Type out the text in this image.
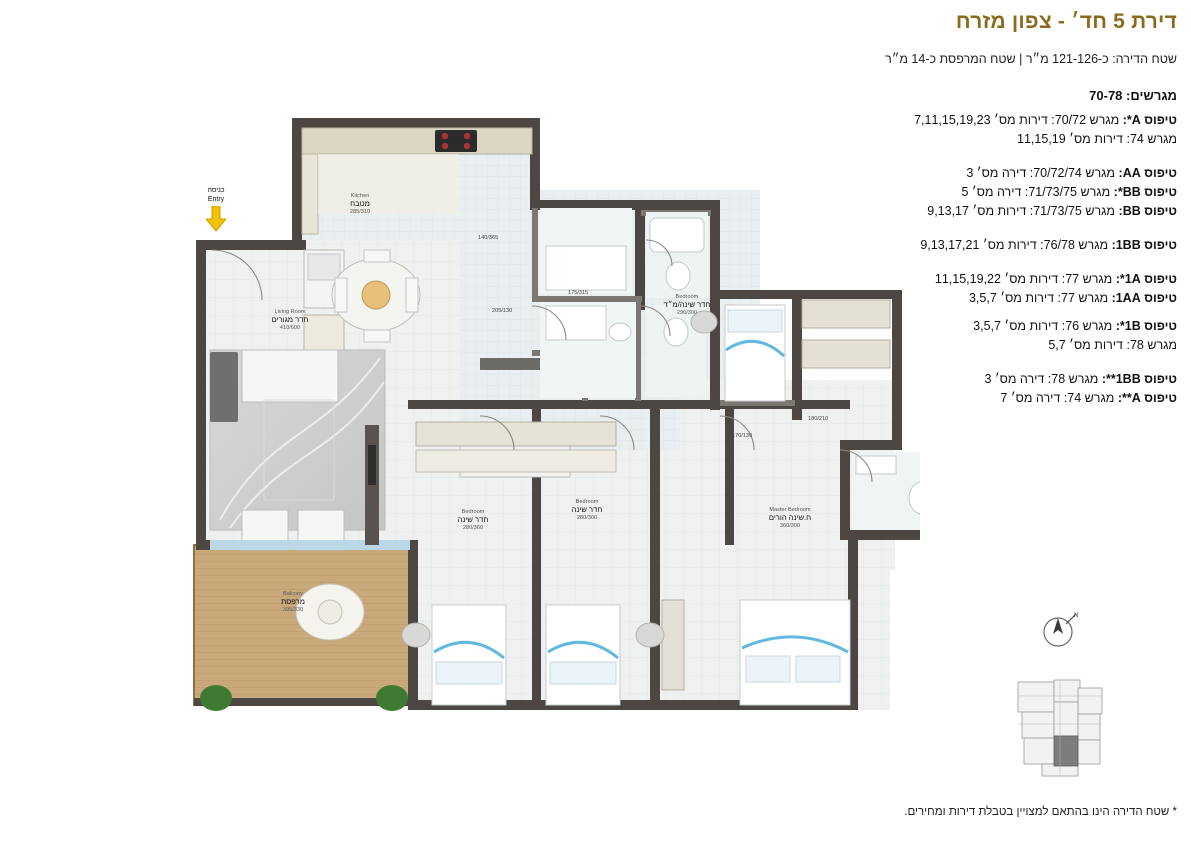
כניסה
Entry	Kitchen
מטבח
285/310
Living Room
חדר מגורים
410/600
Balcony
מרפסת
395/330
Bedroom
חדר שינה/מ״ד
290/300
Bedroom
חדר שינה
280/360
Bedroom
חדר שינה
280/360
Master Bedroom
ח.שינה הורים
360/300
140/365
205/130
175/315
170/130
180/210
דירת 5 חד׳ - צפון מזרח
שטח הדירה: כ-121-126 מ״ר | שטח המרפסת כ-14 מ״ר
מגרשים: 70-78
טיפוס A*: מגרש 70/72: דירות מס׳ 7,11,15,19,23
מגרש 74: דירות מס׳ 11,15,19
טיפוס AA: מגרש 70/72/74: דירה מס׳ 3
טיפוס BB*: מגרש 71/73/75: דירה מס׳ 5
טיפוס BB: מגרש 71/73/75: דירות מס׳ 9,13,17
טיפוס 1BB: מגרש 76/78: דירות מס׳ 9,13,17,21
טיפוס 1A*: מגרש 77: דירות מס׳ 11,15,19,22
טיפוס 1AA: מגרש 77: דירות מס׳ 3,5,7
טיפוס 1B*: מגרש 76: דירות מס׳ 3,5,7
מגרש 78: דירות מס׳ 5,7
טיפוס 1BB**: מגרש 78: דירה מס׳ 3
טיפוס A**: מגרש 74: דירה מס׳ 7
* שטח הדירה הינו בהתאם למצויין בטבלת דירות ומחירים.
N
